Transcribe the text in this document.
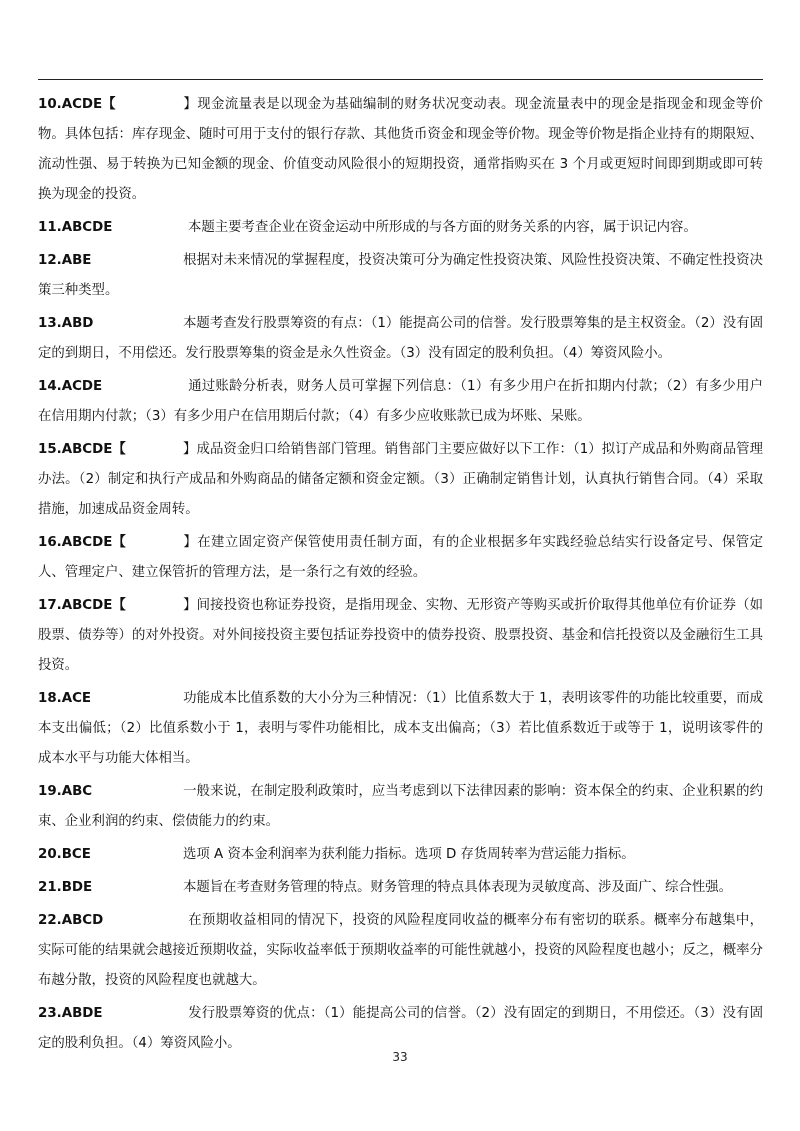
10.ACDE【	】现金流量表是以现金为基础编制的财务状况变动表。现金流量表中的现金是指现金和现金等价物。具体包括：库存现金、随时可用于支付的银行存款、其他货币资金和现金等价物。现金等价物是指企业持有的期限短、流动性强、易于转换为已知金额的现金、价值变动风险很小的短期投资，通常指购买在 3 个月或更短时间即到期或即可转换为现金的投资。

11.ABCDE	本题主要考查企业在资金运动中所形成的与各方面的财务关系的内容，属于识记内容。

12.ABE	根据对未来情况的掌握程度，投资决策可分为确定性投资决策、风险性投资决策、不确定性投资决策三种类型。

13.ABD	本题考查发行股票筹资的有点：（1）能提高公司的信誉。发行股票筹集的是主权资金。（2）没有固定的到期日，不用偿还。发行股票筹集的资金是永久性资金。（3）没有固定的股利负担。（4）筹资风险小。

14.ACDE	通过账龄分析表，财务人员可掌握下列信息：（1）有多少用户在折扣期内付款；（2）有多少用户在信用期内付款；（3）有多少用户在信用期后付款；（4）有多少应收账款已成为坏账、呆账。

15.ABCDE【	】成品资金归口给销售部门管理。销售部门主要应做好以下工作：（1）拟订产成品和外购商品管理办法。（2）制定和执行产成品和外购商品的储备定额和资金定额。（3）正确制定销售计划，认真执行销售合同。（4）采取措施，加速成品资金周转。

16.ABCDE【	】在建立固定资产保管使用责任制方面，有的企业根据多年实践经验总结实行设备定号、保管定人、管理定户、建立保管折的管理方法，是一条行之有效的经验。

17.ABCDE【	】间接投资也称证券投资，是指用现金、实物、无形资产等购买或折价取得其他单位有价证券（如股票、债券等）的对外投资。对外间接投资主要包括证券投资中的债券投资、股票投资、基金和信托投资以及金融衍生工具投资。

18.ACE	功能成本比值系数的大小分为三种情况：（1）比值系数大于 1，表明该零件的功能比较重要，而成本支出偏低；（2）比值系数小于 1，表明与零件功能相比，成本支出偏高；（3）若比值系数近于或等于 1，说明该零件的成本水平与功能大体相当。

19.ABC	一般来说，在制定股利政策时，应当考虑到以下法律因素的影响：资本保全的约束、企业积累的约束、企业利润的约束、偿债能力的约束。

20.BCE	选项 A 资本金利润率为获利能力指标。选项 D 存货周转率为营运能力指标。

21.BDE	本题旨在考查财务管理的特点。财务管理的特点具体表现为灵敏度高、涉及面广、综合性强。

22.ABCD	在预期收益相同的情况下，投资的风险程度同收益的概率分布有密切的联系。概率分布越集中，实际可能的结果就会越接近预期收益，实际收益率低于预期收益率的可能性就越小，投资的风险程度也越小；反之，概率分布越分散，投资的风险程度也就越大。

23.ABDE	发行股票筹资的优点：（1）能提高公司的信誉。（2）没有固定的到期日，不用偿还。（3）没有固定的股利负担。（4）筹资风险小。

33
